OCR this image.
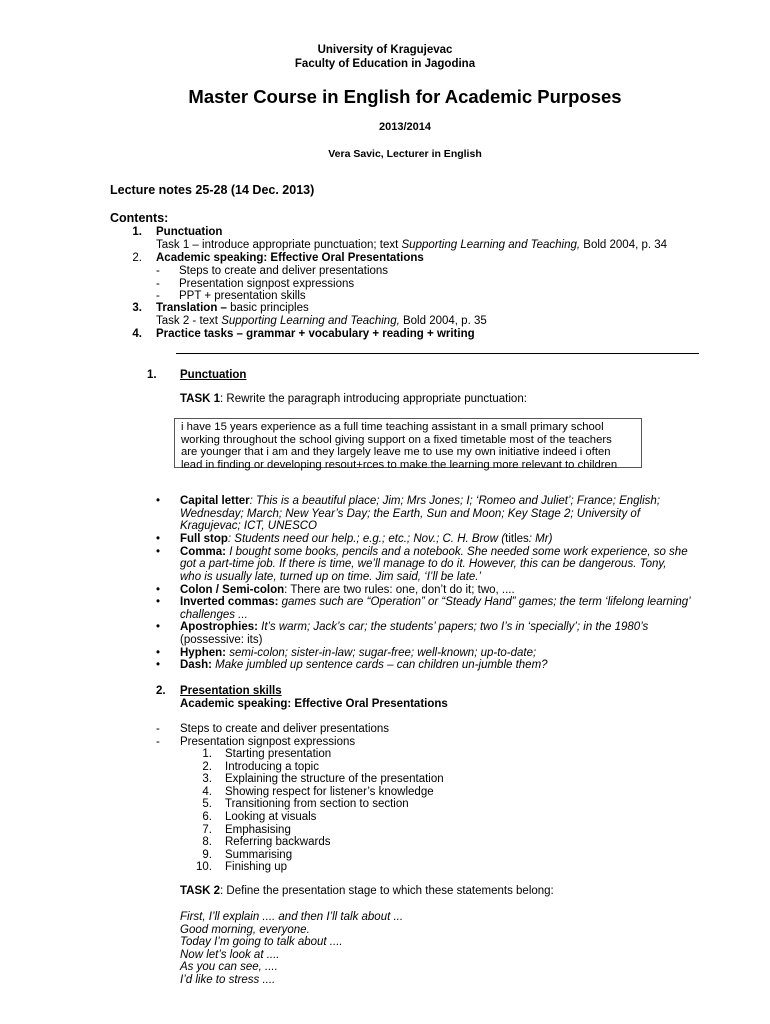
University of Kragujevac
Faculty of Education in Jagodina
Master Course in English for Academic Purposes
2013/2014
Vera Savic, Lecturer in English
Lecture notes 25-28 (14 Dec. 2013)
Contents:
1. Punctuation
Task 1 – introduce appropriate punctuation; text Supporting Learning and Teaching, Bold 2004, p. 34
2. Academic speaking: Effective Oral Presentations
- Steps to create and deliver presentations
- Presentation signpost expressions
- PPT + presentation skills
3. Translation – basic principles
Task 2 - text Supporting Learning and Teaching, Bold 2004, p. 35
4. Practice tasks – grammar + vocabulary + reading + writing
1. Punctuation
TASK 1: Rewrite the paragraph introducing appropriate punctuation:
i have 15 years experience as a full time teaching assistant in a small primary school
working throughout the school giving support on a fixed timetable most of the teachers
are younger that i am and they largely leave me to use my own initiative indeed i often
lead in finding or developing resout+rces to make the learning more relevant to children
• Capital letter: This is a beautiful place; Jim; Mrs Jones; I; ‘Romeo and Juliet’; France; English;
Wednesday; March; New Year’s Day; the Earth, Sun and Moon; Key Stage 2; University of
Kragujevac; ICT, UNESCO
• Full stop: Students need our help.; e.g.; etc.; Nov.; C. H. Brow (titles: Mr)
• Comma: I bought some books, pencils and a notebook. She needed some work experience, so she
got a part-time job. If there is time, we’ll manage to do it. However, this can be dangerous. Tony,
who is usually late, turned up on time. Jim said, ‘I’ll be late.’
• Colon / Semi-colon: There are two rules: one, don’t do it; two, ....
• Inverted commas: games such are “Operation” or “Steady Hand” games; the term ‘lifelong learning’
challenges ...
• Apostrophies: It’s warm; Jack’s car; the students’ papers; two I’s in ‘specially’; in the 1980’s
(possessive: its)
• Hyphen: semi-colon; sister-in-law; sugar-free; well-known; up-to-date;
• Dash: Make jumbled up sentence cards – can children un-jumble them?
2. Presentation skills
Academic speaking: Effective Oral Presentations
- Steps to create and deliver presentations
- Presentation signpost expressions
1. Starting presentation
2. Introducing a topic
3. Explaining the structure of the presentation
4. Showing respect for listener’s knowledge
5. Transitioning from section to section
6. Looking at visuals
7. Emphasising
8. Referring backwards
9. Summarising
10. Finishing up
TASK 2: Define the presentation stage to which these statements belong:
First, I’ll explain .... and then I’ll talk about ...
Good morning, everyone.
Today I’m going to talk about ....
Now let’s look at ....
As you can see, ....
I’d like to stress ....
